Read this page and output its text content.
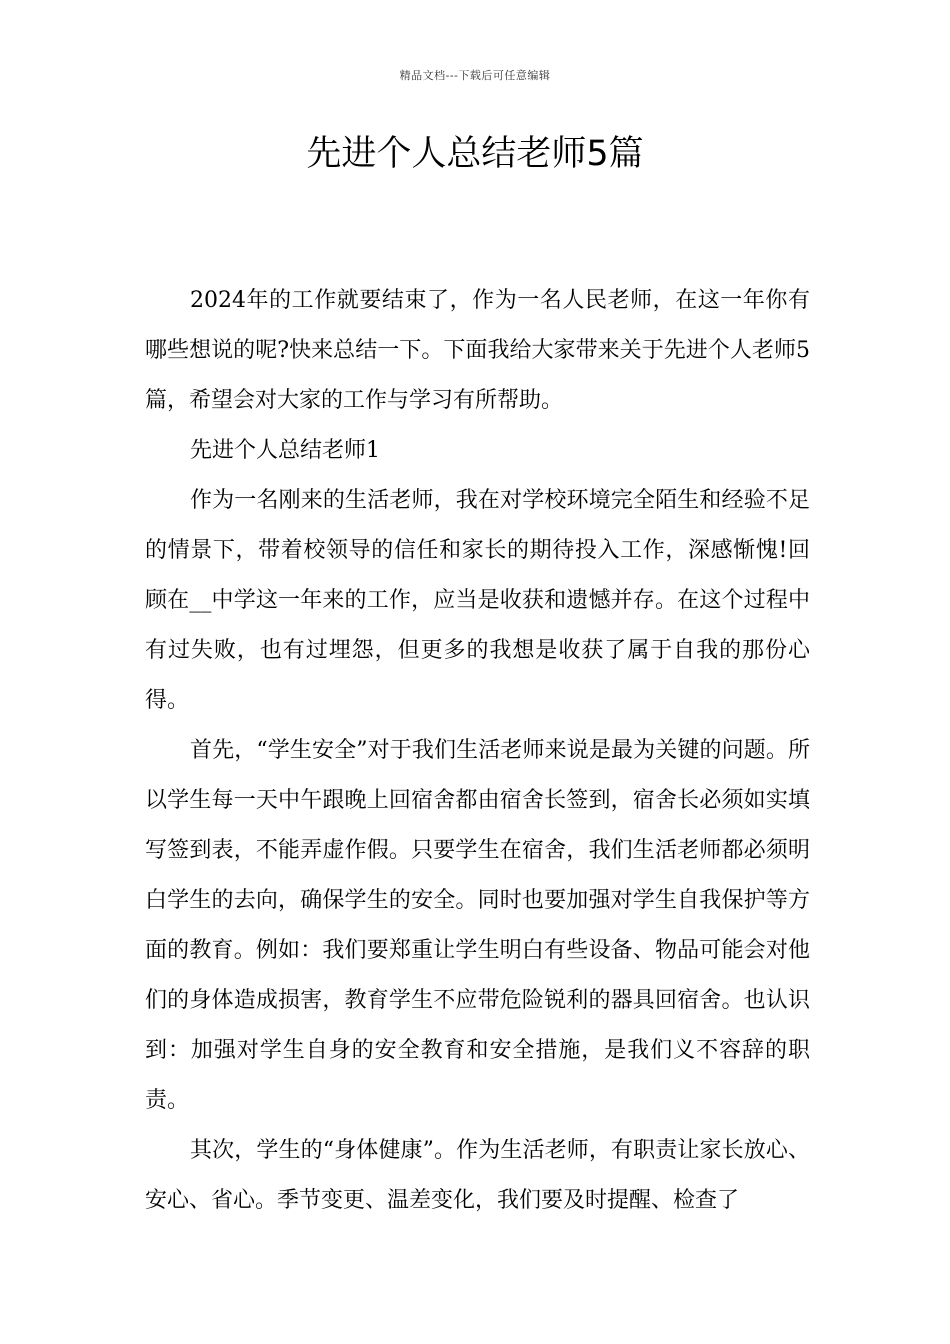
精品文档---下载后可任意编辑
先进个人总结老师5篇

2024年的工作就要结束了，作为一名人民老师，在这一年你有哪些想说的呢?快来总结一下。下面我给大家带来关于先进个人老师5篇，希望会对大家的工作与学习有所帮助。

先进个人总结老师1

作为一名刚来的生活老师，我在对学校环境完全陌生和经验不足的情景下，带着校领导的信任和家长的期待投入工作，深感惭愧!回顾在__中学这一年来的工作，应当是收获和遗憾并存。在这个过程中有过失败，也有过埋怨，但更多的我想是收获了属于自我的那份心得。

首先，“学生安全”对于我们生活老师来说是最为关键的问题。所以学生每一天中午跟晚上回宿舍都由宿舍长签到，宿舍长必须如实填写签到表，不能弄虚作假。只要学生在宿舍，我们生活老师都必须明白学生的去向，确保学生的安全。同时也要加强对学生自我保护等方面的教育。例如：我们要郑重让学生明白有些设备、物品可能会对他们的身体造成损害，教育学生不应带危险锐利的器具回宿舍。也认识到：加强对学生自身的安全教育和安全措施，是我们义不容辞的职责。

其次，学生的“身体健康”。作为生活老师，有职责让家长放心、安心、省心。季节变更、温差变化，我们要及时提醒、检查了
